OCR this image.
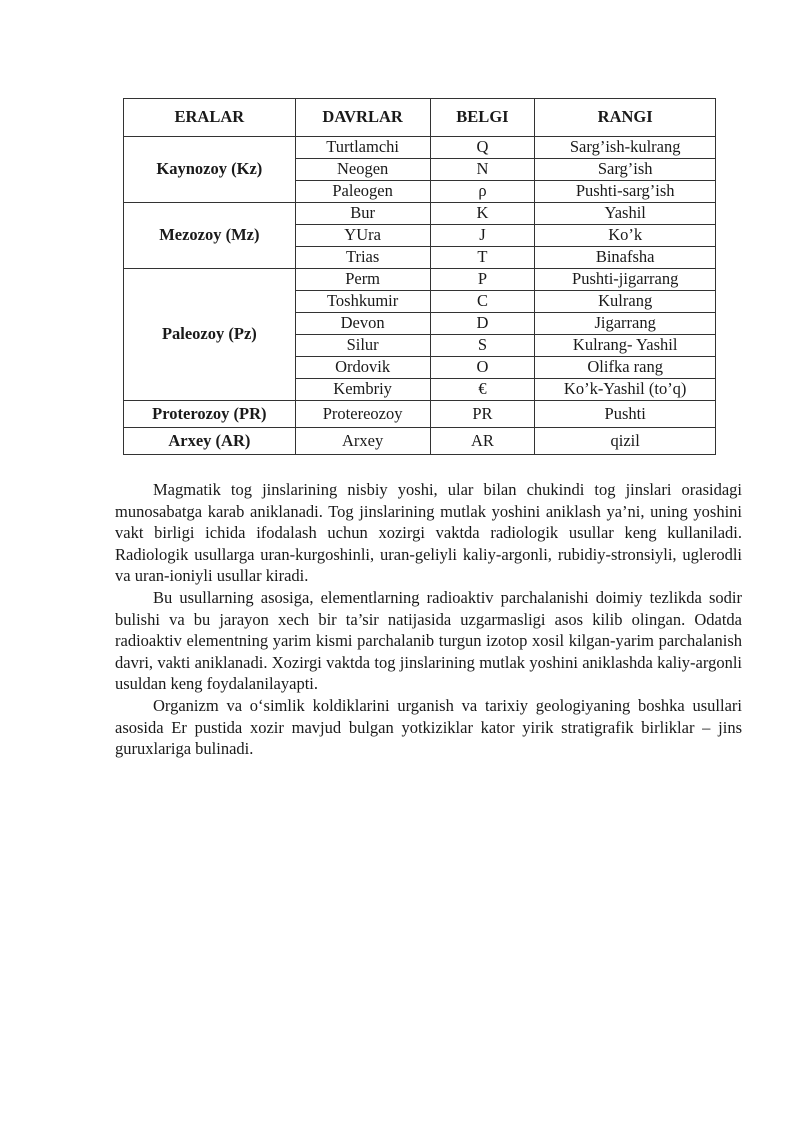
ERALAR	DAVRLAR	BELGI	RANGI
Kaynozoy (Kz)	Turtlamchi	Q	Sarg’ish-kulrang
	Neogen	N	Sarg’ish
	Paleogen	ρ	Pushti-sarg’ish
Mezozoy (Mz)	Bur	K	Yashil
	YUra	J	Ko’k
	Trias	T	Binafsha
Paleozoy (Pz)	Perm	P	Pushti-jigarrang
	Toshkumir	C	Kulrang
	Devon	D	Jigarrang
	Silur	S	Kulrang- Yashil
	Ordovik	O	Olifka rang
	Kembriy	€	Ko’k-Yashil (to’q)
Proterozoy (PR)	Protereozoy	PR	Pushti
Arxey (AR)	Arxey	AR	qizil

Magmatik tog jinslarining nisbiy yoshi, ular bilan chukindi tog jinslari orasidagi munosabatga karab aniklanadi. Tog jinslarining mutlak yoshini aniklash ya’ni, uning yoshini vakt birligi ichida ifodalash uchun xozirgi vaktda radiologik usullar keng kullaniladi. Radiologik usullarga uran-kurgoshinli, uran-geliyli kaliy-argonli, rubidiy-stronsiyli, uglerodli va uran-ioniyli usullar kiradi.

Bu usullarning asosiga, elementlarning radioaktiv parchalanishi doimiy tezlikda sodir bulishi va bu jarayon xech bir ta’sir natijasida uzgarmasligi asos kilib olingan. Odatda radioaktiv elementning yarim kismi parchalanib turgun izotop xosil kilgan-yarim parchalanish davri, vakti aniklanadi. Xozirgi vaktda tog jinslarining mutlak yoshini aniklashda kaliy-argonli usuldan keng foydalanilayapti.

Organizm va o‘simlik koldiklarini urganish va tarixiy geologiyaning boshka usullari asosida Er pustida xozir mavjud bulgan yotkiziklar kator yirik stratigrafik birliklar – jins guruxlariga bulinadi.
